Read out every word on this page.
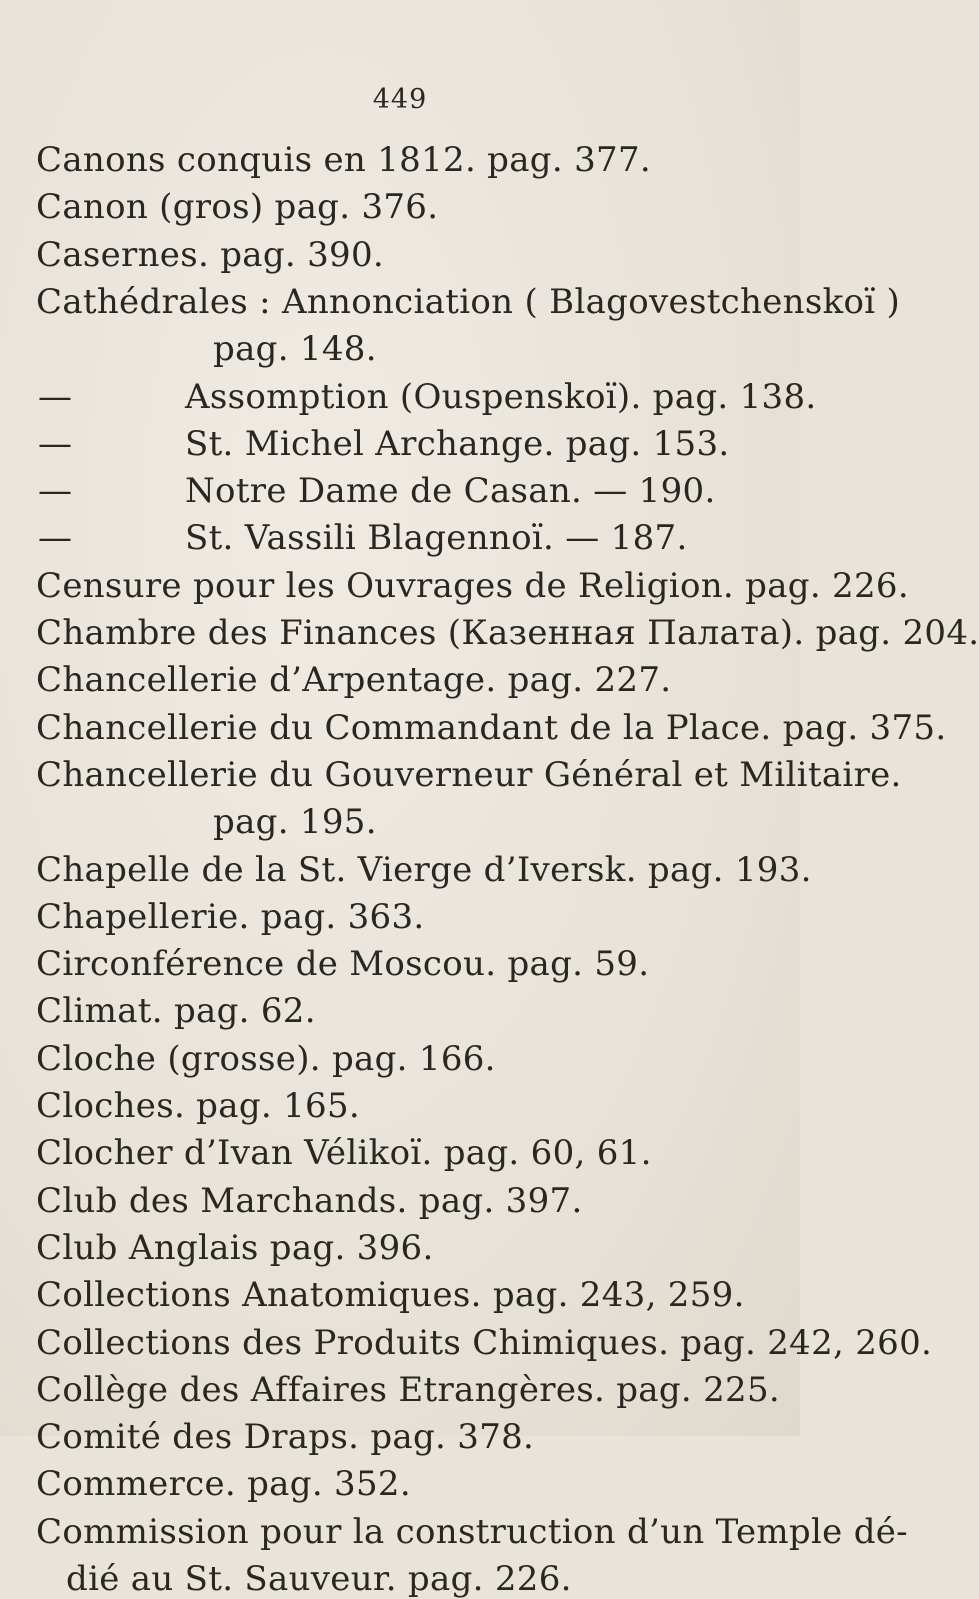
449
Canons conquis en 1812. pag. 377.
Canon (gros) pag. 376.
Casernes. pag. 390.
Cathédrales : Annonciation ( Blagovestchenskoï )
pag. 148.
—	Assomption (Ouspenskoï). pag. 138.
—	St. Michel Archange. pag. 153.
—	Notre Dame de Casan. — 190.
—	St. Vassili Blagennoï. — 187.
Censure pour les Ouvrages de Religion. pag. 226.
Chambre des Finances (Казенная Палата). pag. 204.
Chancellerie d’Arpentage. pag. 227.
Chancellerie du Commandant de la Place. pag. 375.
Chancellerie du Gouverneur Général et Militaire.
pag. 195.
Chapelle de la St. Vierge d’Iversk. pag. 193.
Chapellerie. pag. 363.
Circonférence de Moscou. pag. 59.
Climat. pag. 62.
Cloche (grosse). pag. 166.
Cloches. pag. 165.
Clocher d’Ivan Vélikoï. pag. 60, 61.
Club des Marchands. pag. 397.
Club Anglais pag. 396.
Collections Anatomiques. pag. 243, 259.
Collections des Produits Chimiques. pag. 242, 260.
Collège des Affaires Etrangères. pag. 225.
Comité des Draps. pag. 378.
Commerce. pag. 352.
Commission pour la construction d’un Temple dé-
dié au St. Sauveur. pag. 226.
